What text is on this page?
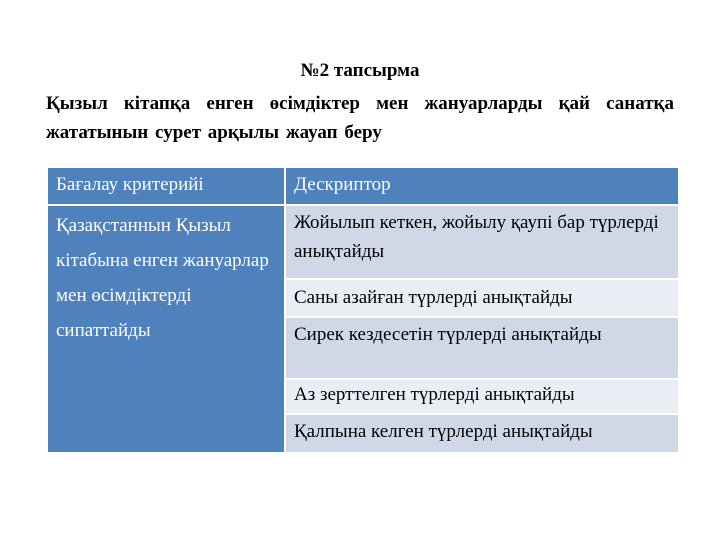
№2 тапсырма
Қызыл кітапқа енген өсімдіктер мен жануарларды қай санатқа жататынын сурет арқылы жауап беру
Бағалау критерийі	Дескриптор
Қазақстаннын Қызыл кітабына енген жануарлар мен өсімдіктерді сипаттайды
Жойылып кеткен, жойылу қаупі бар түрлерді анықтайды
Саны азайған түрлерді анықтайды
Сирек кездесетін түрлерді анықтайды
Аз зерттелген түрлерді анықтайды
Қалпына келген түрлерді анықтайды
